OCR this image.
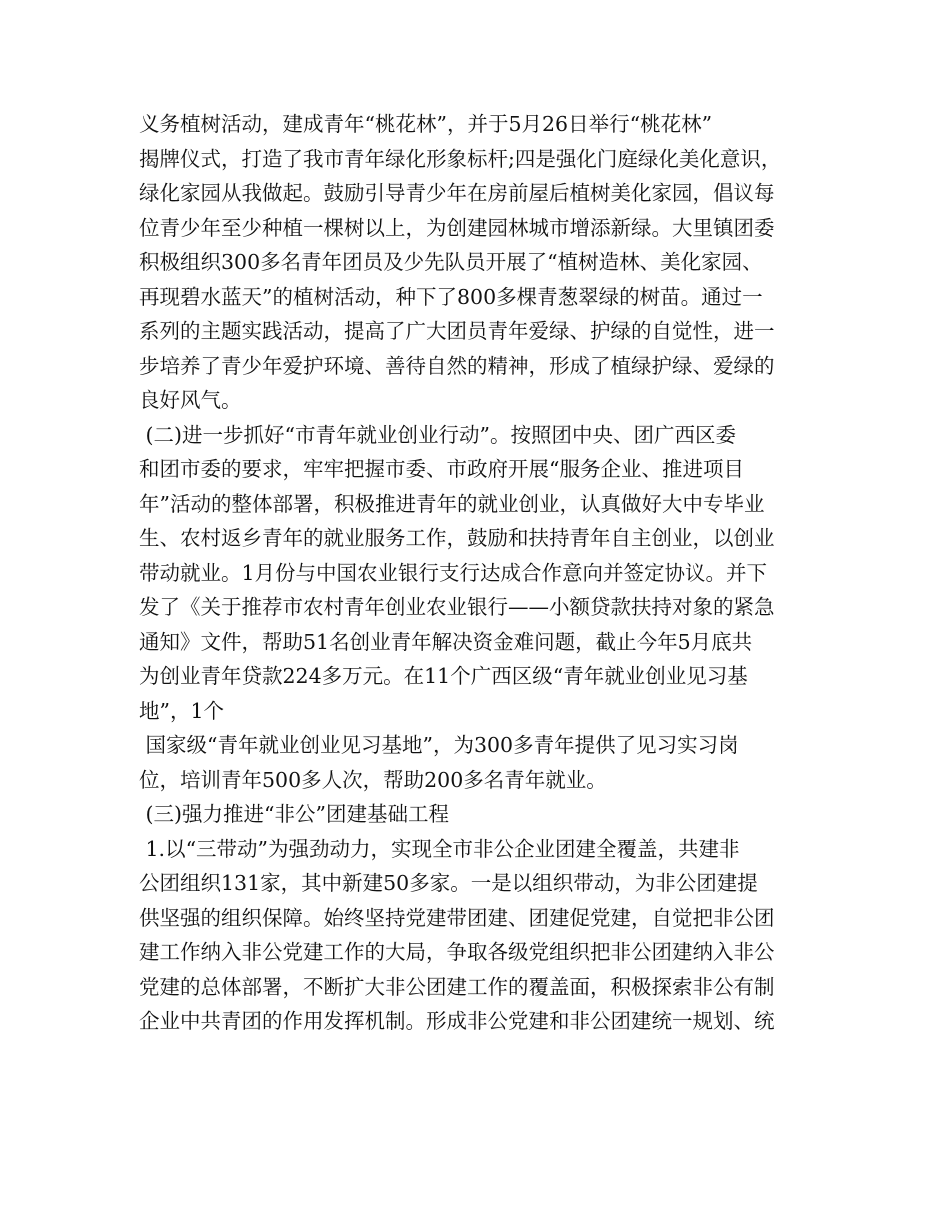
义务植树活动，建成青年“桃花林”，并于5月26日举行“桃花林”
揭牌仪式，打造了我市青年绿化形象标杆;四是强化门庭绿化美化意识，
绿化家园从我做起。鼓励引导青少年在房前屋后植树美化家园，倡议每
位青少年至少种植一棵树以上，为创建园林城市增添新绿。大里镇团委
积极组织300多名青年团员及少先队员开展了“植树造林、美化家园、
再现碧水蓝天”的植树活动，种下了800多棵青葱翠绿的树苗。通过一
系列的主题实践活动，提高了广大团员青年爱绿、护绿的自觉性，进一
步培养了青少年爱护环境、善待自然的精神，形成了植绿护绿、爱绿的
良好风气。
(二)进一步抓好“市青年就业创业行动”。按照团中央、团广西区委
和团市委的要求，牢牢把握市委、市政府开展“服务企业、推进项目
年”活动的整体部署，积极推进青年的就业创业，认真做好大中专毕业
生、农村返乡青年的就业服务工作，鼓励和扶持青年自主创业，以创业
带动就业。1月份与中国农业银行支行达成合作意向并签定协议。并下
发了《关于推荐市农村青年创业农业银行——小额贷款扶持对象的紧急
通知》文件，帮助51名创业青年解决资金难问题，截止今年5月底共
为创业青年贷款224多万元。在11个广西区级“青年就业创业见习基
地”，1个
国家级“青年就业创业见习基地”，为300多青年提供了见习实习岗
位，培训青年500多人次，帮助200多名青年就业。
(三)强力推进“非公”团建基础工程
1.以“三带动”为强劲动力，实现全市非公企业团建全覆盖，共建非
公团组织131家，其中新建50多家。一是以组织带动，为非公团建提
供坚强的组织保障。始终坚持党建带团建、团建促党建，自觉把非公团
建工作纳入非公党建工作的大局，争取各级党组织把非公团建纳入非公
党建的总体部署，不断扩大非公团建工作的覆盖面，积极探索非公有制
企业中共青团的作用发挥机制。形成非公党建和非公团建统一规划、统
